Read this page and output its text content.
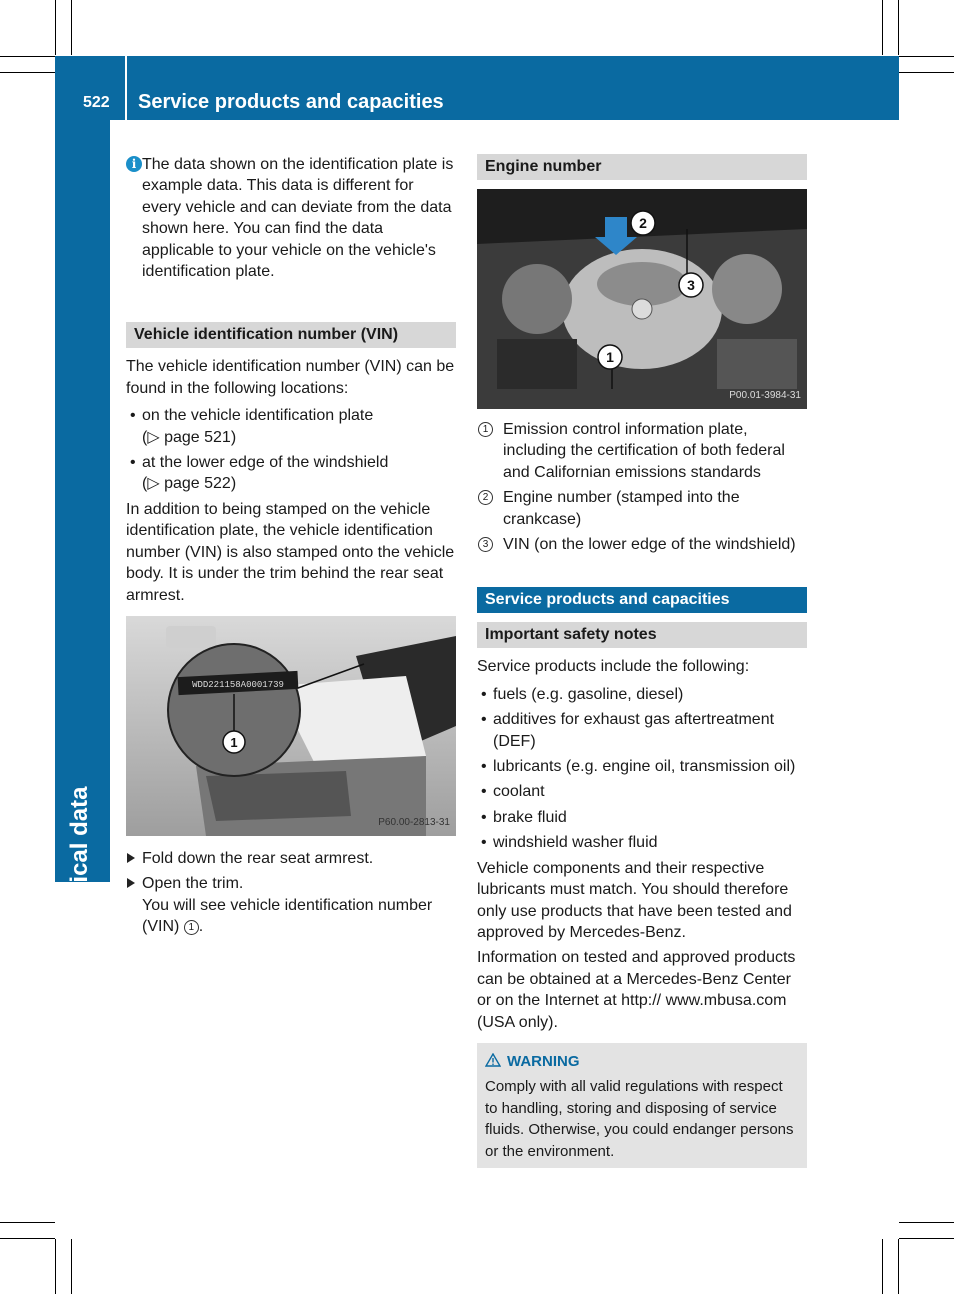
522 Service products and capacities
Technical data
i The data shown on the identification plate is example data. This data is different for every vehicle and can deviate from the data shown here. You can find the data applicable to your vehicle on the vehicle's identification plate.

Vehicle identification number (VIN)

The vehicle identification number (VIN) can be found in the following locations:

• on the vehicle identification plate
(▷ page 521)
• at the lower edge of the windshield
(▷ page 522)

In addition to being stamped on the vehicle identification plate, the vehicle identification number (VIN) is also stamped onto the vehicle body. It is under the trim behind the rear seat armrest.

WDD221158A0001739
1
P60.00-2813-31
Fold down the rear seat armrest.
Open the trim.
You will see vehicle identification number (VIN) 1 .
Engine number
2
3
1
P00.01-3984-31
1 Emission control information plate, including the certification of both federal and Californian emissions standards
2 Engine number (stamped into the crankcase)
3 VIN (on the lower edge of the windshield)
Service products and capacities
Important safety notes

Service products include the following:

• fuels (e.g. gasoline, diesel)
• additives for exhaust gas aftertreatment (DEF)
• lubricants (e.g. engine oil, transmission oil)
• coolant
• brake fluid
• windshield washer fluid

Vehicle components and their respective lubricants must match. You should therefore only use products that have been tested and approved by Mercedes-Benz.

Information on tested and approved products can be obtained at a Mercedes-Benz Center or on the Internet at http:// www.mbusa.com (USA only).

WARNING

Comply with all valid regulations with respect to handling, storing and disposing of service fluids. Otherwise, you could endanger persons or the environment.
